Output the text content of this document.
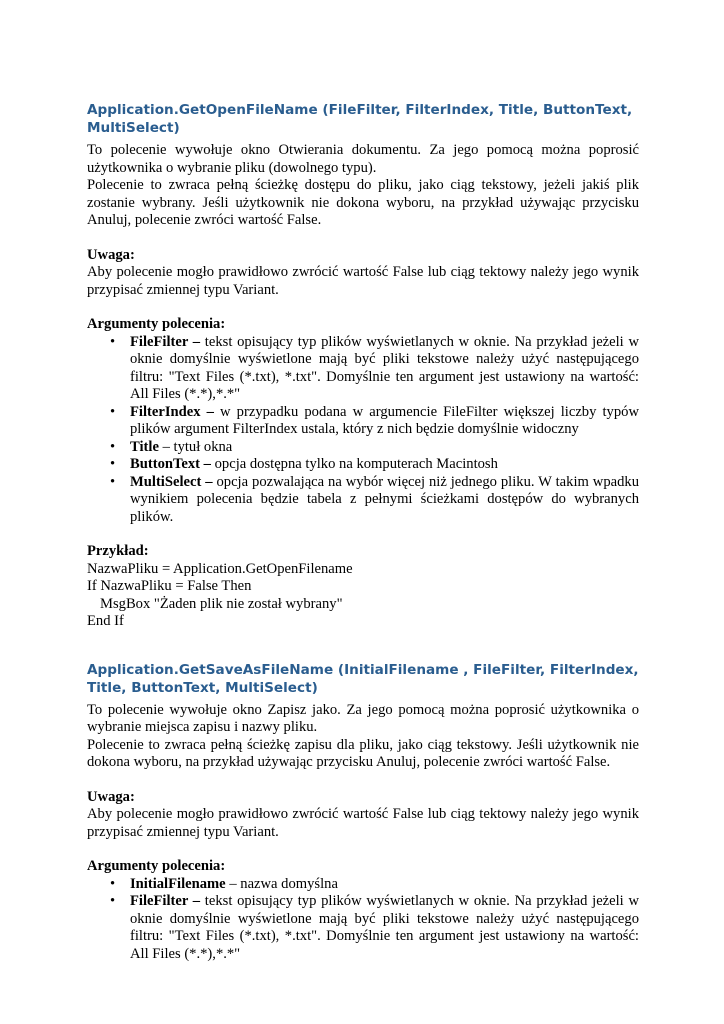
Application.GetOpenFileName (FileFilter, FilterIndex, Title, ButtonText, MultiSelect)

To polecenie wywołuje okno Otwierania dokumentu. Za jego pomocą można poprosić użytkownika o wybranie pliku (dowolnego typu).

Polecenie to zwraca pełną ścieżkę dostępu do pliku, jako ciąg tekstowy, jeżeli jakiś plik zostanie wybrany. Jeśli użytkownik nie dokona wyboru, na przykład używając przycisku Anuluj, polecenie zwróci wartość False.

Uwaga:

Aby polecenie mogło prawidłowo zwrócić wartość False lub ciąg tektowy należy jego wynik przypisać zmiennej typu Variant.

Argumenty polecenia:

• FileFilter – tekst opisujący typ plików wyświetlanych w oknie. Na przykład jeżeli w oknie domyślnie wyświetlone mają być pliki tekstowe należy użyć następującego filtru: "Text Files (*.txt), *.txt". Domyślnie ten argument jest ustawiony na wartość: All Files (*.*),*.*"
• FilterIndex – w przypadku podana w argumencie FileFilter większej liczby typów plików argument FilterIndex ustala, który z nich będzie domyślnie widoczny
• Title – tytuł okna
• ButtonText – opcja dostępna tylko na komputerach Macintosh
• MultiSelect – opcja pozwalająca na wybór więcej niż jednego pliku. W takim wpadku wynikiem polecenia będzie tabela z pełnymi ścieżkami dostępów do wybranych plików.

Przykład:

NazwaPliku = Application.GetOpenFilename

If NazwaPliku = False Then

MsgBox "Żaden plik nie został wybrany"

End If

Application.GetSaveAsFileName (InitialFilename , FileFilter, FilterIndex, Title, ButtonText, MultiSelect)

To polecenie wywołuje okno Zapisz jako. Za jego pomocą można poprosić użytkownika o wybranie miejsca zapisu i nazwy pliku.

Polecenie to zwraca pełną ścieżkę zapisu dla pliku, jako ciąg tekstowy. Jeśli użytkownik nie dokona wyboru, na przykład używając przycisku Anuluj, polecenie zwróci wartość False.

Uwaga:

Aby polecenie mogło prawidłowo zwrócić wartość False lub ciąg tektowy należy jego wynik przypisać zmiennej typu Variant.

Argumenty polecenia:

• InitialFilename – nazwa domyślna
• FileFilter – tekst opisujący typ plików wyświetlanych w oknie. Na przykład jeżeli w oknie domyślnie wyświetlone mają być pliki tekstowe należy użyć następującego filtru: "Text Files (*.txt), *.txt". Domyślnie ten argument jest ustawiony na wartość: All Files (*.*),*.*"
